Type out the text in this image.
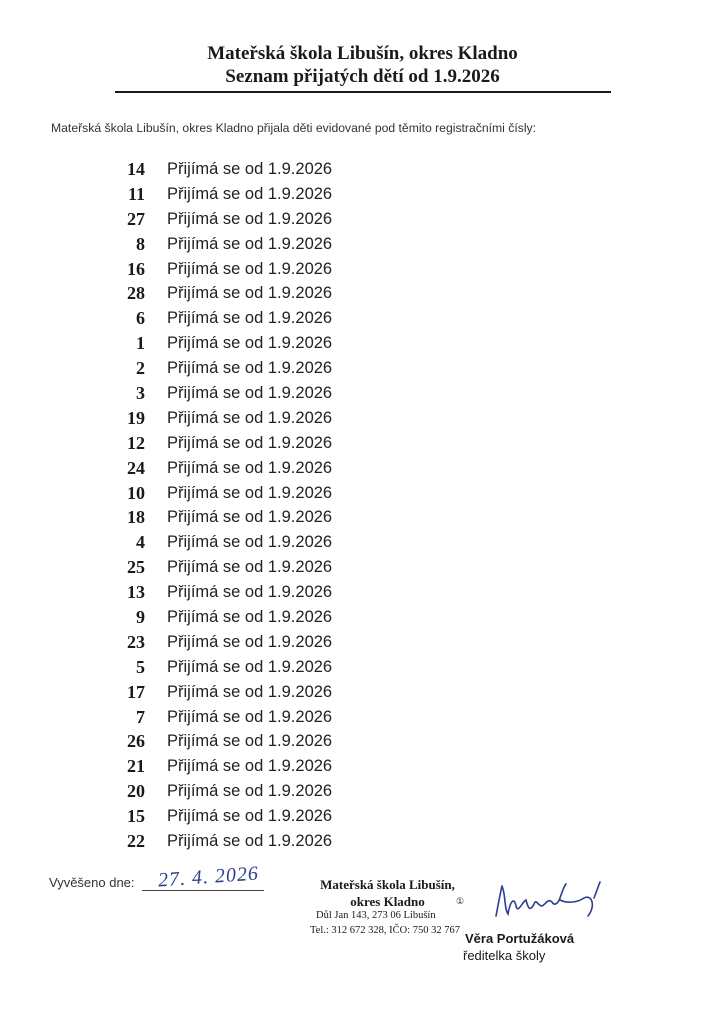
Mateřská škola Libušín, okres Kladno
Seznam přijatých dětí od 1.9.2026
Mateřská škola Libušín, okres Kladno přijala děti evidované pod těmito registračními čísly:
14 Přijímá se od 1.9.2026
11 Přijímá se od 1.9.2026
27 Přijímá se od 1.9.2026
8 Přijímá se od 1.9.2026
16 Přijímá se od 1.9.2026
28 Přijímá se od 1.9.2026
6 Přijímá se od 1.9.2026
1 Přijímá se od 1.9.2026
2 Přijímá se od 1.9.2026
3 Přijímá se od 1.9.2026
19 Přijímá se od 1.9.2026
12 Přijímá se od 1.9.2026
24 Přijímá se od 1.9.2026
10 Přijímá se od 1.9.2026
18 Přijímá se od 1.9.2026
4 Přijímá se od 1.9.2026
25 Přijímá se od 1.9.2026
13 Přijímá se od 1.9.2026
9 Přijímá se od 1.9.2026
23 Přijímá se od 1.9.2026
5 Přijímá se od 1.9.2026
17 Přijímá se od 1.9.2026
7 Přijímá se od 1.9.2026
26 Přijímá se od 1.9.2026
21 Přijímá se od 1.9.2026
20 Přijímá se od 1.9.2026
15 Přijímá se od 1.9.2026
22 Přijímá se od 1.9.2026
Vyvěšeno dne: 27. 4. 2026	Mateřská škola Libušín,
okres Kladno	①
Důl Jan 143, 273 06 Libušín
Tel.: 312 672 328, IČO: 750 32 767
Věra Portužáková
ředitelka školy
